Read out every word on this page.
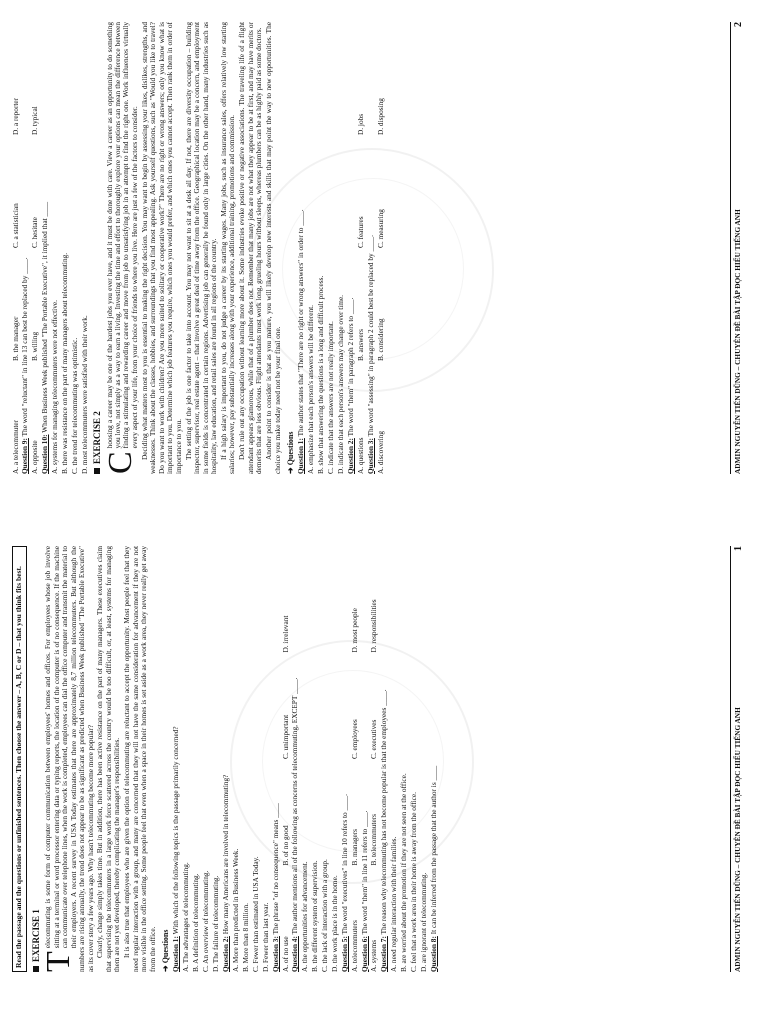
Read the passage and the questions or unfinished sentences. Then choose the answer – A, B, C or D – that you think fits best. EXERCISE 1 T
elecommuting is some form of computer communication between employees' homes and offices. For employees whose job involve sitting at a terminal or word processor entering data or typing reports, the location of the computer is of no consequence. If the machine can communicate over telephone lines, when the work is completed, employees can dial the office computer and transmit the material to their employers. A recent survey in USA Today estimates that there are approximately 8,7 million telecommuters. But although the numbers are rising annually, the trend does not appear to be as significant as predicted when Business Week published "The Portable Executive" as its cover story a few years ago. Why hasn't telecommuting become more popular? Clearly, change simply takes time. But in addition, there has been active resistance on the part of many managers. These executives claim that supervising the telecommuters in a large work force scattered across the country would be too difficult, or, at least, systems for managing them are not yet developed, thereby complicating the manager's responsibilities. It is also true that employees who are given the option of telecommuting are reluctant to accept the opportunity. Most people feel that they need regular interaction with a group, and many are concerned that they will not have the same consideration for advancement if they are not more visible in the office setting. Some people feel that even when a space in their homes is set aside as a work area, they never really get away from the office. ➜ Questions Question 1: With which of the following topics is the passage primarily concerned? A. The advantages of telecommuting. B. A definition of telecommuting. C. An overview of telecommuting. D. The failure of telecommuting. Question 2: How many Americans are involved in telecommuting? A. More than predicted in Business Week. B. More than 8 million. C. Fewer than estimated in USA Today. D. Fewer than last year. Question 3: The phrase "of no consequence" means ____

A. of no use
B. of no good
C. unimportant
D. irrelevant

Question 4: The author mentions all of the following as concerns of telecommuting, EXCEPT ____. A. the opportunities for advancement. B. the different system of supervision. C. the lack of interaction with a group. D. the work place is in the home. Question 5: The word "executives" in line 10 refers to ____.

A. telecommuters
B. managers
C. employees
D. most people

Question 6: The word "them" in line 11 refers to ____.

A. systems
B. telecommuters
C. executives
D. responsibilities

Question 7: The reason why telecommuting has not become popular is that the employees ____. A. need regular interaction with their families. B. are worried about the promotion if they are not seen at the office. C. feel that a work area in their home is away from the office. D. are ignorant of telecommuting. Question 8: It can be inferred from the passage that the author is ____	ADMIN NGUYỄN TIẾN DŨNG – CHUYÊN ĐỀ BÀI TẬP ĐỌC HIỂU TIẾNG ANH
1
A. a telecommuter
B. the manager
C. a statistician
D. a reporter

Question 9: The word "reluctant" in line 13 can best be replaced by ____.

A. opposite
B. willing
C. hesitate
D. typical

Question 10: When Business Week published "The Portable Executive", it implied that ____ A. systems for managing telecommuters were not effective. B. there was resistance on the part of many managers about telecommuting. C. the trend for telecommuting was optimistic. D. most telecommuters were satisfied with their work. EXERCISE 2 C
hoosing a career may be one of the hardest jobs you ever have, and it must be done with care. View a career as an opportunity to do something you love, not simply as a way to earn a living. Investing the time and effort to thoroughly explore your options can mean the difference between finding a stimulating and rewarding career and move from job to unsatisfying job in an attempt to find the right one. Work influences virtually every aspect of your life, from your choice of friends to where you live. Here are just a few of the factors to consider. Deciding what matters most to you is essential to making the right decision. You may want to begin by assessing your likes, dislikes, strengths, and weaknesses. Think about the classes, hobbies, and surroundings that you find most appealing. Ask yourself questions, such as "Would you like to travel? Do you want to work with children? Are you more suited to solitary or cooperative work?" There are no right or wrong answers; only you know what is important to you. Determine which job features you require, which ones you would prefer, and which ones you cannot accept. Then rank them in order of importance to you. The setting of the job is one factor to take into account. You may not want to sit at a desk all day. If not, there are diversity occupation – building inspector, supervisor, real estate agent – that involve a great deal of time away from the office. Geographical location may be a concern, and employment in some fields is concentrated in certain regions. Advertising job can generally be found only in large cities. On the other hand, many industries such as hospitality, law education, and retail sales are found in all regions of the country. If a high salary is important to you, do not judge a career by its starting wages. Many jobs, such as insurance sales, offers relatively low starting salaries; however, pay substantially increases along with your experience, additional training, promotions and commission. Don't rule out any occupation without learning more about it. Some industries evoke positive or negative associations. The traveling life of a flight attendant appears glamorous, while that of a plumber does not. Remember that many jobs are not what they appear to be at first, and may have merits or demerits that are less obvious. Flight attendants must work long, grueling hours without sleeps, whereas plumbers can be as highly paid as some doctors. Another point to consider is that as you mature, you will likely develop new interests and skills that may point the way to new opportunities. The choice you make today need not be your final one. ➜ Questions Question 1: The author states that "There are no right or wrong answers" in order to ____. A. emphasize that each person's answers will be different. B. show that answering the questions is a long and difficult process. C. indicate that the answers are not really important. D. indicate that each person's answers may change over time. Question 2: The word "them" in paragraph 2 refers to ____.

A. questions
B. answers
C. features
D. jobs

Question 3: The word "assessing" in paragraph 2 could best be replaced by ____.

A. discovering
B. considering
C. measuring
D. disposing
ADMIN NGUYỄN TIẾN DŨNG – CHUYÊN ĐỀ BÀI TẬP ĐỌC HIỂU TIẾNG ANH
2
